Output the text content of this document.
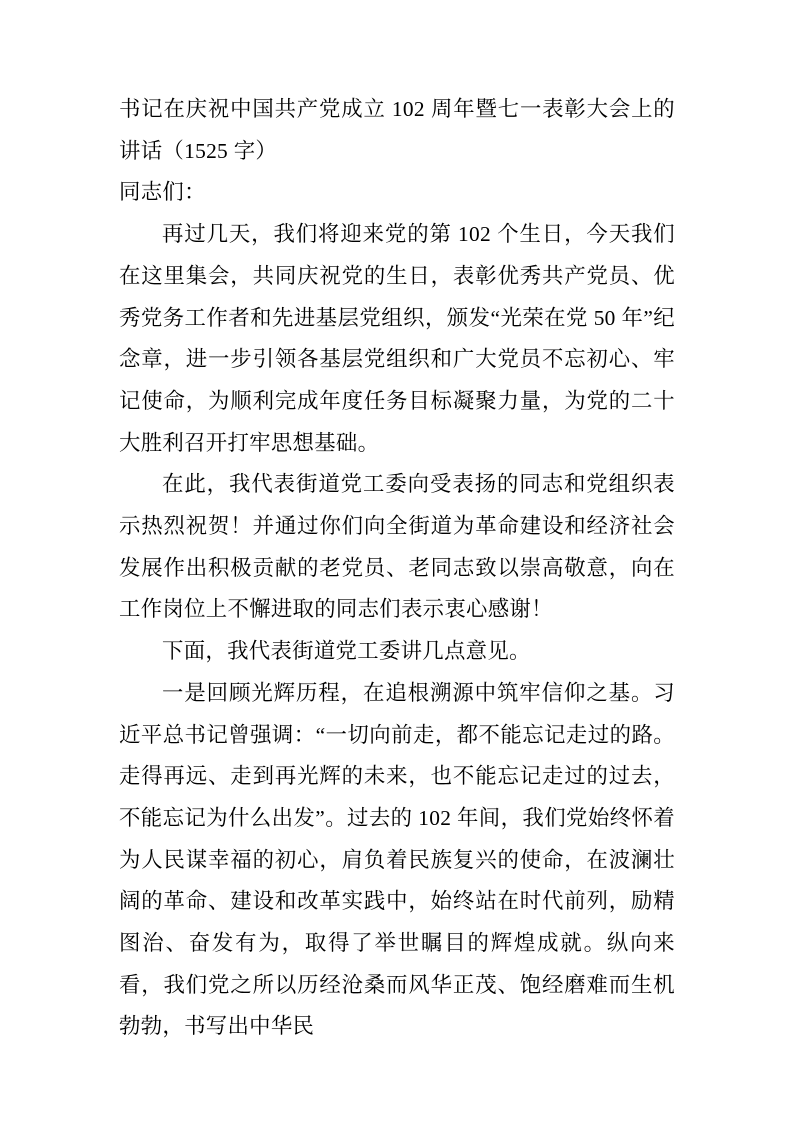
书记在庆祝中国共产党成立 102 周年暨七一表彰大会上的讲话（1525 字）

同志们：

再过几天，我们将迎来党的第 102 个生日，今天我们在这里集会，共同庆祝党的生日，表彰优秀共产党员、优秀党务工作者和先进基层党组织，颁发“光荣在党 50 年”纪念章，进一步引领各基层党组织和广大党员不忘初心、牢记使命，为顺利完成年度任务目标凝聚力量，为党的二十大胜利召开打牢思想基础。

在此，我代表街道党工委向受表扬的同志和党组织表示热烈祝贺！并通过你们向全街道为革命建设和经济社会发展作出积极贡献的老党员、老同志致以崇高敬意，向在工作岗位上不懈进取的同志们表示衷心感谢！

下面，我代表街道党工委讲几点意见。

一是回顾光辉历程，在追根溯源中筑牢信仰之基。习近平总书记曾强调：“一切向前走，都不能忘记走过的路。走得再远、走到再光辉的未来，也不能忘记走过的过去，不能忘记为什么出发”。过去的 102 年间，我们党始终怀着为人民谋幸福的初心，肩负着民族复兴的使命，在波澜壮阔的革命、建设和改革实践中，始终站在时代前列，励精图治、奋发有为，取得了举世瞩目的辉煌成就。纵向来看，我们党之所以历经沧桑而风华正茂、饱经磨难而生机勃勃，书写出中华民
